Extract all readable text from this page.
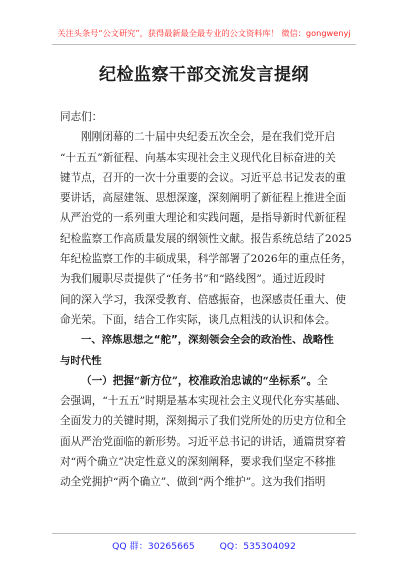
关注头条号“公文研究”，获得最新最全最专业的公文资料库！ 微信：gongwenyj
纪检监察干部交流发言提纲
同志们：
刚刚闭幕的二十届中央纪委五次全会，是在我们党开启
“十五五”新征程、向基本实现社会主义现代化目标奋进的关
键节点，召开的一次十分重要的会议。习近平总书记发表的重
要讲话，高屋建瓴、思想深邃，深刻阐明了新征程上推进全面
从严治党的一系列重大理论和实践问题，是指导新时代新征程
纪检监察工作高质量发展的纲领性文献。报告系统总结了2025
年纪检监察工作的丰硕成果，科学部署了2026年的重点任务，
为我们履职尽责提供了“任务书”和“路线图”。通过近段时
间的深入学习，我深受教育、倍感振奋，也深感责任重大、使
命光荣。下面，结合工作实际，谈几点粗浅的认识和体会。
一、淬炼思想之“舵”，深刻领会全会的政治性、战略性
与时代性
（一）把握“新方位”，校准政治忠诚的“坐标系”。全
会强调，“十五五”时期是基本实现社会主义现代化夯实基础、
全面发力的关键时期，深刻揭示了我们党所处的历史方位和全
面从严治党面临的新形势。习近平总书记的讲话，通篇贯穿着
对“两个确立”决定性意义的深刻阐释，要求我们坚定不移推
动全党拥护“两个确立”、做到“两个维护”。这为我们指明
QQ 群：30265665	QQ：535304092
